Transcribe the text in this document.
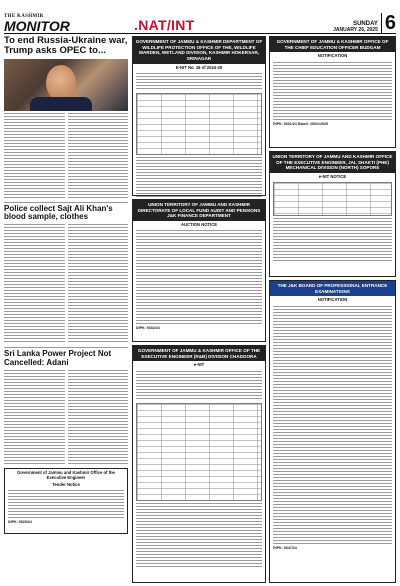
THE KASHMIR
MONITOR	.NAT/INT	SUNDAY
JANUARY 26, 2025 6
To end Russia-Ukraine war, Trump asks OPEC to...
Police collect Sajt Ali Khan's blood sample, clothes
Sri Lanka Power Project Not Cancelled: Adani
Government of Jammu and Kashmir Office of the Executive Engineer
Tender Notice
DIPK: 9325/24
GOVERNMENT OF JAMMU & KASHMIR DEPARTMENT OF WILDLIFE PROTECTION OFFICE OF THE, WILDLIFE WARDEN, WETLAND DIVISION, KASHMIR HOKERSAR, SRINAGAR
E-NIT No. 18 of 2024-25
GOVERNMENT OF JAMMU & KASHMIR OFFICE OF THE CHIEF EDUCATION OFFICER BUDGAM
NOTIFICATION
DIPK: 9331/24 Dated: 25/01/2025
UNION TERRITORY OF JAMMU AND KASHMIR OFFICE OF THE EXECUTIVE ENGINEER, JAL SHAKTI (PHE) MECHANICAL DIVISION (NORTH) SOPORE
e-NIT NOTICE
UNION TERRITORY OF JAMMU AND KASHMIR DIRECTORATE OF LOCAL FUND AUDIT AND PENSIONS J&K FINANCE DEPARTMENT
AUCTION NOTICE
DIPK: 9332/24
GOVERNMENT OF JAMMU & KASHMIR OFFICE OF THE EXECUTIVE ENGINEER (R&B) DIVISION CHADOORA
e-NIT
THE J&K BOARD OF PROFESSIONAL ENTRANCE EXAMINATIONS
NOTIFICATION
DIPK: 9347/24
